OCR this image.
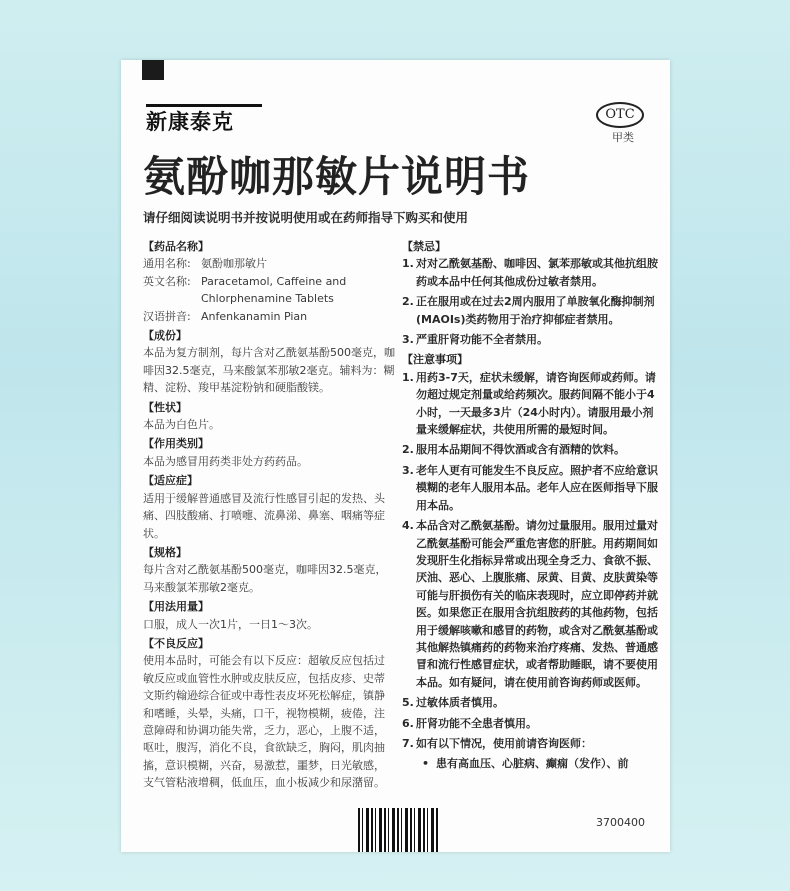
新康泰克	OTC
甲类
氨酚咖那敏片说明书
请仔细阅读说明书并按说明使用或在药师指导下购买和使用
【药品名称】
通用名称: 氨酚咖那敏片
英文名称: Paracetamol, Caffeine and Chlorphenamine Tablets
汉语拼音: Anfenkanamin Pian
【成份】

本品为复方制剂，每片含对乙酰氨基酚500毫克，咖啡因32.5毫克，马来酸氯苯那敏2毫克。辅料为：糊精、淀粉、羧甲基淀粉钠和硬脂酸镁。

【性状】

本品为白色片。

【作用类别】

本品为感冒用药类非处方药药品。

【适应症】

适用于缓解普通感冒及流行性感冒引起的发热、头痛、四肢酸痛、打喷嚏、流鼻涕、鼻塞、咽痛等症状。

【规格】

每片含对乙酰氨基酚500毫克，咖啡因32.5毫克，马来酸氯苯那敏2毫克。

【用法用量】

口服，成人一次1片，一日1～3次。

【不良反应】

使用本品时，可能会有以下反应：超敏反应包括过敏反应或血管性水肿或皮肤反应，包括皮疹、史蒂文斯约翰逊综合征或中毒性表皮坏死松解症，镇静和嗜睡，头晕，头痛，口干，视物模糊，疲倦，注意障碍和协调功能失常，乏力，恶心，上腹不适，呕吐，腹泻，消化不良，食欲缺乏，胸闷，肌肉抽搐，意识模糊，兴奋，易激惹，噩梦，日光敏感，支气管粘液增稠，低血压，血小板减少和尿潴留。

【禁忌】
1. 对对乙酰氨基酚、咖啡因、氯苯那敏或其他抗组胺药或本品中任何其他成份过敏者禁用。
2. 正在服用或在过去2周内服用了单胺氧化酶抑制剂(MAOIs)类药物用于治疗抑郁症者禁用。
3. 严重肝肾功能不全者禁用。
【注意事项】
1. 用药3-7天，症状未缓解，请咨询医师或药师。请勿超过规定剂量或给药频次。服药间隔不能小于4小时，一天最多3片（24小时内）。请服用最小剂量来缓解症状，共使用所需的最短时间。
2. 服用本品期间不得饮酒或含有酒精的饮料。
3. 老年人更有可能发生不良反应。照护者不应给意识模糊的老年人服用本品。老年人应在医师指导下服用本品。
4. 本品含对乙酰氨基酚。请勿过量服用。服用过量对乙酰氨基酚可能会严重危害您的肝脏。用药期间如发现肝生化指标异常或出现全身乏力、食欲不振、厌油、恶心、上腹胀痛、尿黄、目黄、皮肤黄染等可能与肝损伤有关的临床表现时，应立即停药并就医。如果您正在服用含抗组胺药的其他药物，包括用于缓解咳嗽和感冒的药物，或含对乙酰氨基酚或其他解热镇痛药的药物来治疗疼痛、发热、普通感冒和流行性感冒症状，或者帮助睡眠，请不要使用本品。如有疑问，请在使用前咨询药师或医师。
5. 过敏体质者慎用。
6. 肝肾功能不全患者慎用。
7. 如有以下情况，使用前请咨询医师：
• 患有高血压、心脏病、癫痫（发作）、前
3700400
